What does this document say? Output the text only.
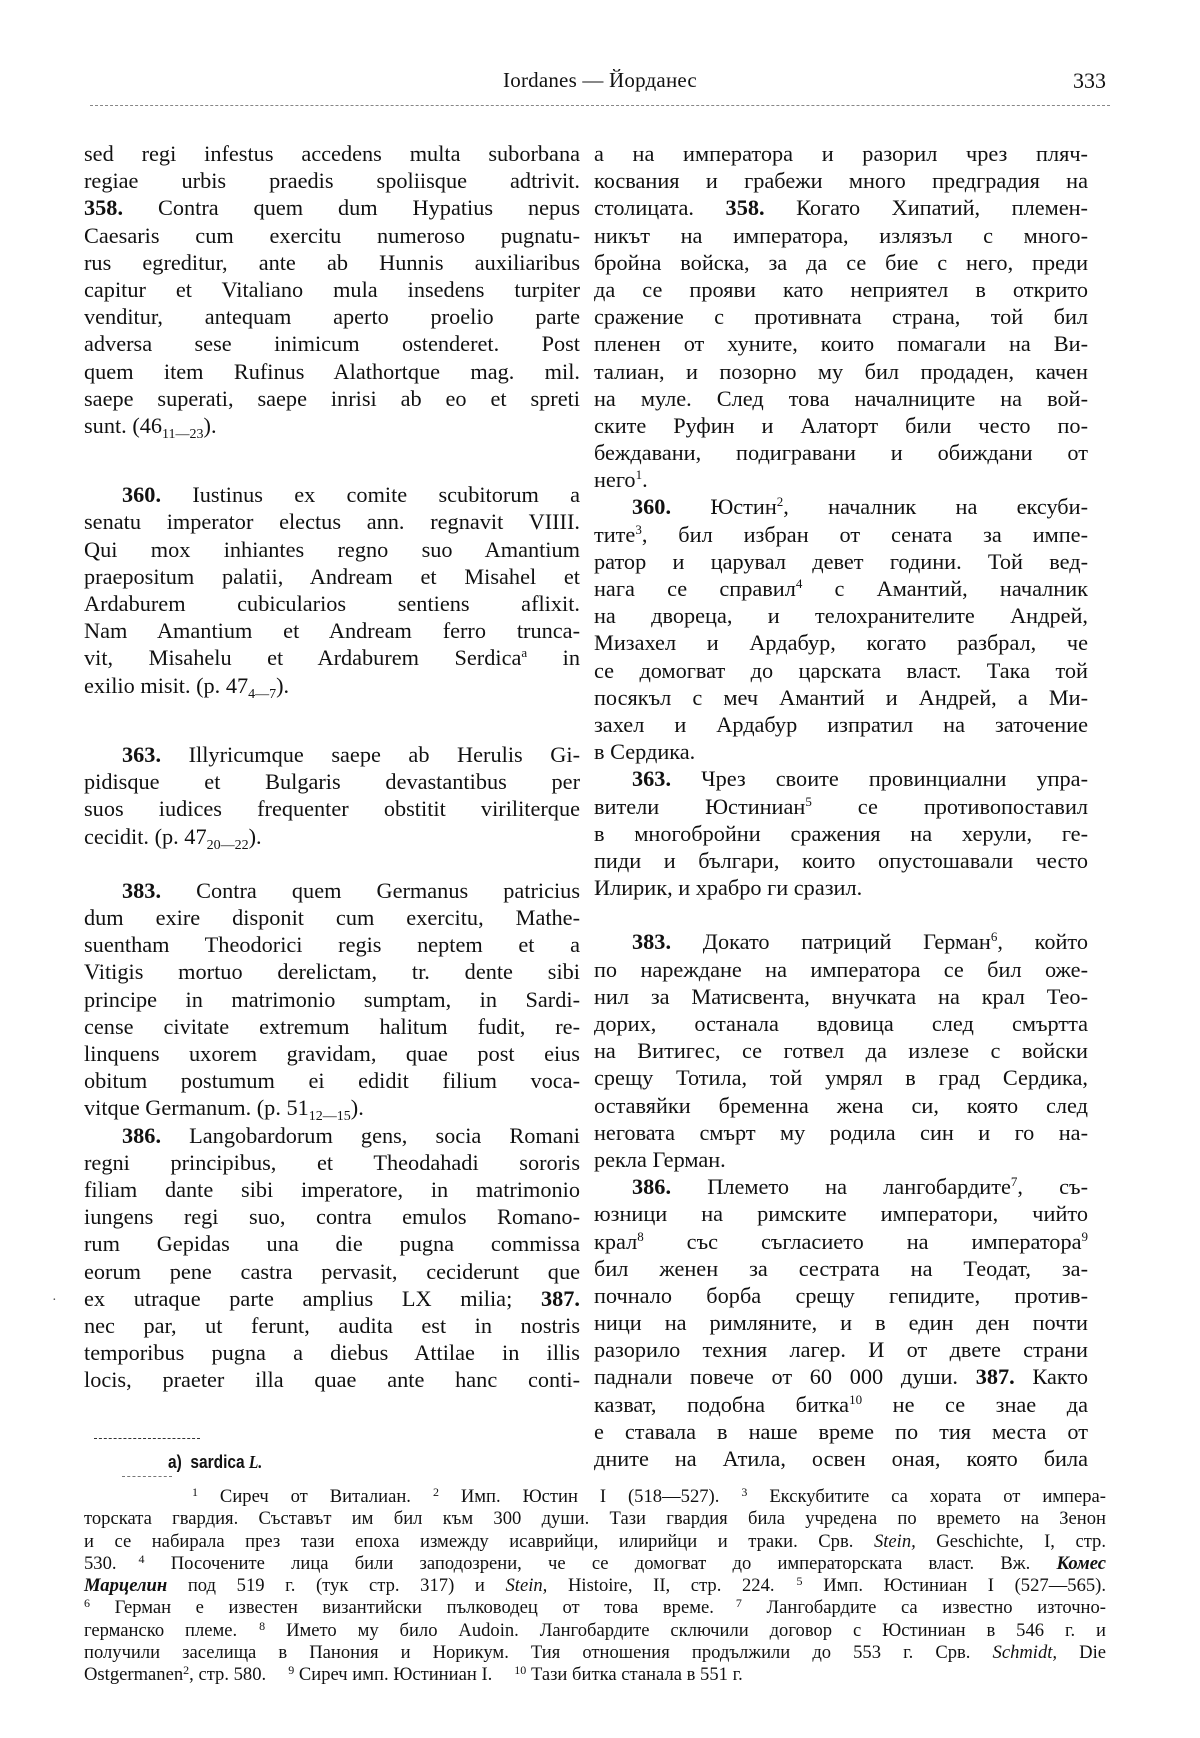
Iordanes — Йорданес	333
sed regi infestus accedens multa suborbana
regiae urbis praedis spoliisque adtrivit.
358. Contra quem dum Hypatius nepus
Caesaris cum exercitu numeroso pugnatu-
rus egreditur, ante ab Hunnis auxiliaribus
capitur et Vitaliano mula insedens turpiter
venditur, antequam aperto proelio parte
adversa sese inimicum ostenderet. Post
quem item Rufinus Alathortque mag. mil.
saepe superati, saepe inrisi ab eo et spreti
sunt. $(46_{11—23})$.
360. Iustinus ex comite scubitorum a
senatu imperator electus ann. regnavit VIIII.
Qui mox inhiantes regno suo Amantium
praepositum palatii, Andream et Misahel et
Ardaburem cubicularios sentiens aflixit.
Nam Amantium et Andream ferro trunca-
vit, Misahelu et Ardaburem Serdica$^a$ in
exilio misit. (p. $47_{4—7}$).
363. Illyricumque saepe ab Herulis Gi-
pidisque et Bulgaris devastantibus per
suos iudices frequenter obstitit viriliterque
cecidit. (p. $47_{20—22}$).
383. Contra quem Germanus patricius
dum exire disponit cum exercitu, Mathe-
suentham Theodorici regis neptem et a
Vitigis mortuo derelictam, tr. dente sibi
principe in matrimonio sumptam, in Sardi-
cense civitate extremum halitum fudit, re-
linquens uxorem gravidam, quae post eius
obitum postumum ei edidit filium voca-
vitque Germanum. (p. $51_{12—15}$).
386. Langobardorum gens, socia Romani
regni principibus, et Theodahadi sororis
filiam dante sibi imperatore, in matrimonio
iungens regi suo, contra emulos Romano-
rum Gepidas una die pugna commissa
eorum pene castra pervasit, ceciderunt que
ex utraque parte amplius LX milia; 387.
nec par, ut ferunt, audita est in nostris
temporibus pugna a diebus Attilae in illis
locis, praeter illa quae ante hanc conti-
а на императора и разорил чрез пляч-
косвания и грабежи много предградия на
столицата. 358. Когато Хипатий, племен-
никът на императора, излязъл с много-
бройна войска, за да се бие с него, преди
да се прояви като неприятел в открито
сражение с противната страна, той бил
пленен от хуните, които помагали на Ви-
талиан, и позорно му бил продаден, качен
на муле. След това началниците на вой-
ските Руфин и Алаторт били често по-
беждавани, подигравани и обиждани от
него$^1$.
360. Юстин$^2$, началник на ексуби-
тите$^3$, бил избран от сената за импе-
ратор и царувал девет години. Той вед-
нага се справил$^4$ с Амантий, началник
на двореца, и телохранителите Андрей,
Мизахел и Ардабур, когато разбрал, че
се домогват до царската власт. Така той
посякъл с меч Амантий и Андрей, а Ми-
захел и Ардабур изпратил на заточение
в Сердика.
363. Чрез своите провинциални упра-
вители Юстиниан$^5$ се противопоставил
в многобройни сражения на херули, ге-
пиди и българи, които опустошавали често
Илирик, и храбро ги сразил.
383. Докато патриций Герман$^6$, който
по нареждане на императора се бил оже-
нил за Матисвента, внучката на крал Тео-
дорих, останала вдовица след смъртта
на Витигес, се готвел да излезе с войски
срещу Тотила, той умрял в град Сердика,
оставяйки бременна жена си, която след
неговата смърт му родила син и го на-
рекла Герман.
386. Племето на лангобардите$^7$, съ-
юзници на римските императори, чийто
крал$^8$ със съгласието на императора$^9$
бил женен за сестрата на Теодат, за-
почнало борба срещу гепидите, против-
ници на римляните, и в един ден почти
разорило техния лагер. И от двете страни
паднали повече от 60 000 души. 387. Както
казват, подобна битка$^{10}$ не се знае да
е ставала в наше време по тия места от
дните на Атила, освен оная, която била
·
a) sardica L.
$^1$ Сиреч от Виталиан. $^2$ Имп. Юстин I (518—527). $^3$ Екскубитите са хората от импера-
торската гвардия. Съставът им бил към 300 души. Тази гвардия била учредена по времето на Зенон
и се набирала през тази епоха измежду исаврийци, илирийци и траки. Срв. Stein, Geschichte, I, стр.
530. $^4$ Посочените лица били заподозрени, че се домогват до императорската власт. Вж. Комес
Марцелин под 519 г. (тук стр. 317) и Stein, Histoire, II, стр. 224. $^5$ Имп. Юстиниан I (527—565).
$^6$ Герман е известен византийски пълководец от това време. $^7$ Лангобардите са известно източно-
германско племе. $^8$ Името му било Audoin. Лангобардите сключили договор с Юстиниан в 546 г. и
получили заселища в Панония и Норикум. Тия отношения продължили до 553 г. Срв. Schmidt, Die
Ostgermanen$^2$, стр. 580. $^9$ Сиреч имп. Юстиниан I. $^{10}$ Тази битка станала в 551 г.
